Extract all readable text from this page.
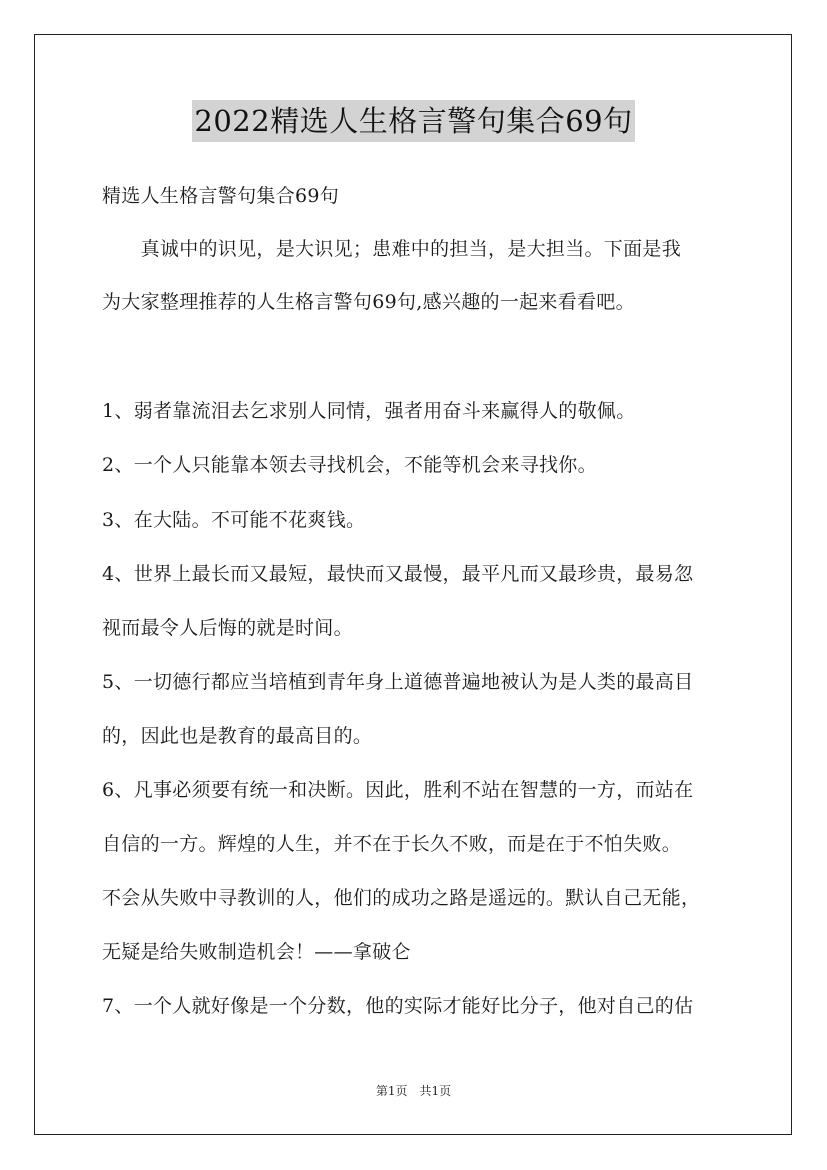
2022精选人生格言警句集合69句
精选人生格言警句集合69句
　　真诚中的识见，是大识见；患难中的担当，是大担当。下面是我
为大家整理推荐的人生格言警句69句,感兴趣的一起来看看吧。
1、弱者靠流泪去乞求别人同情，强者用奋斗来赢得人的敬佩。
2、一个人只能靠本领去寻找机会，不能等机会来寻找你。
3、在大陆。不可能不花爽钱。
4、世界上最长而又最短，最快而又最慢，最平凡而又最珍贵，最易忽
视而最令人后悔的就是时间。
5、一切德行都应当培植到青年身上道德普遍地被认为是人类的最高目
的，因此也是教育的最高目的。
6、凡事必须要有统一和决断。因此，胜利不站在智慧的一方，而站在
自信的一方。辉煌的人生，并不在于长久不败，而是在于不怕失败。
不会从失败中寻教训的人，他们的成功之路是遥远的。默认自己无能，
无疑是给失败制造机会！——拿破仑
7、一个人就好像是一个分数，他的实际才能好比分子，他对自己的估
第1页　共1页
